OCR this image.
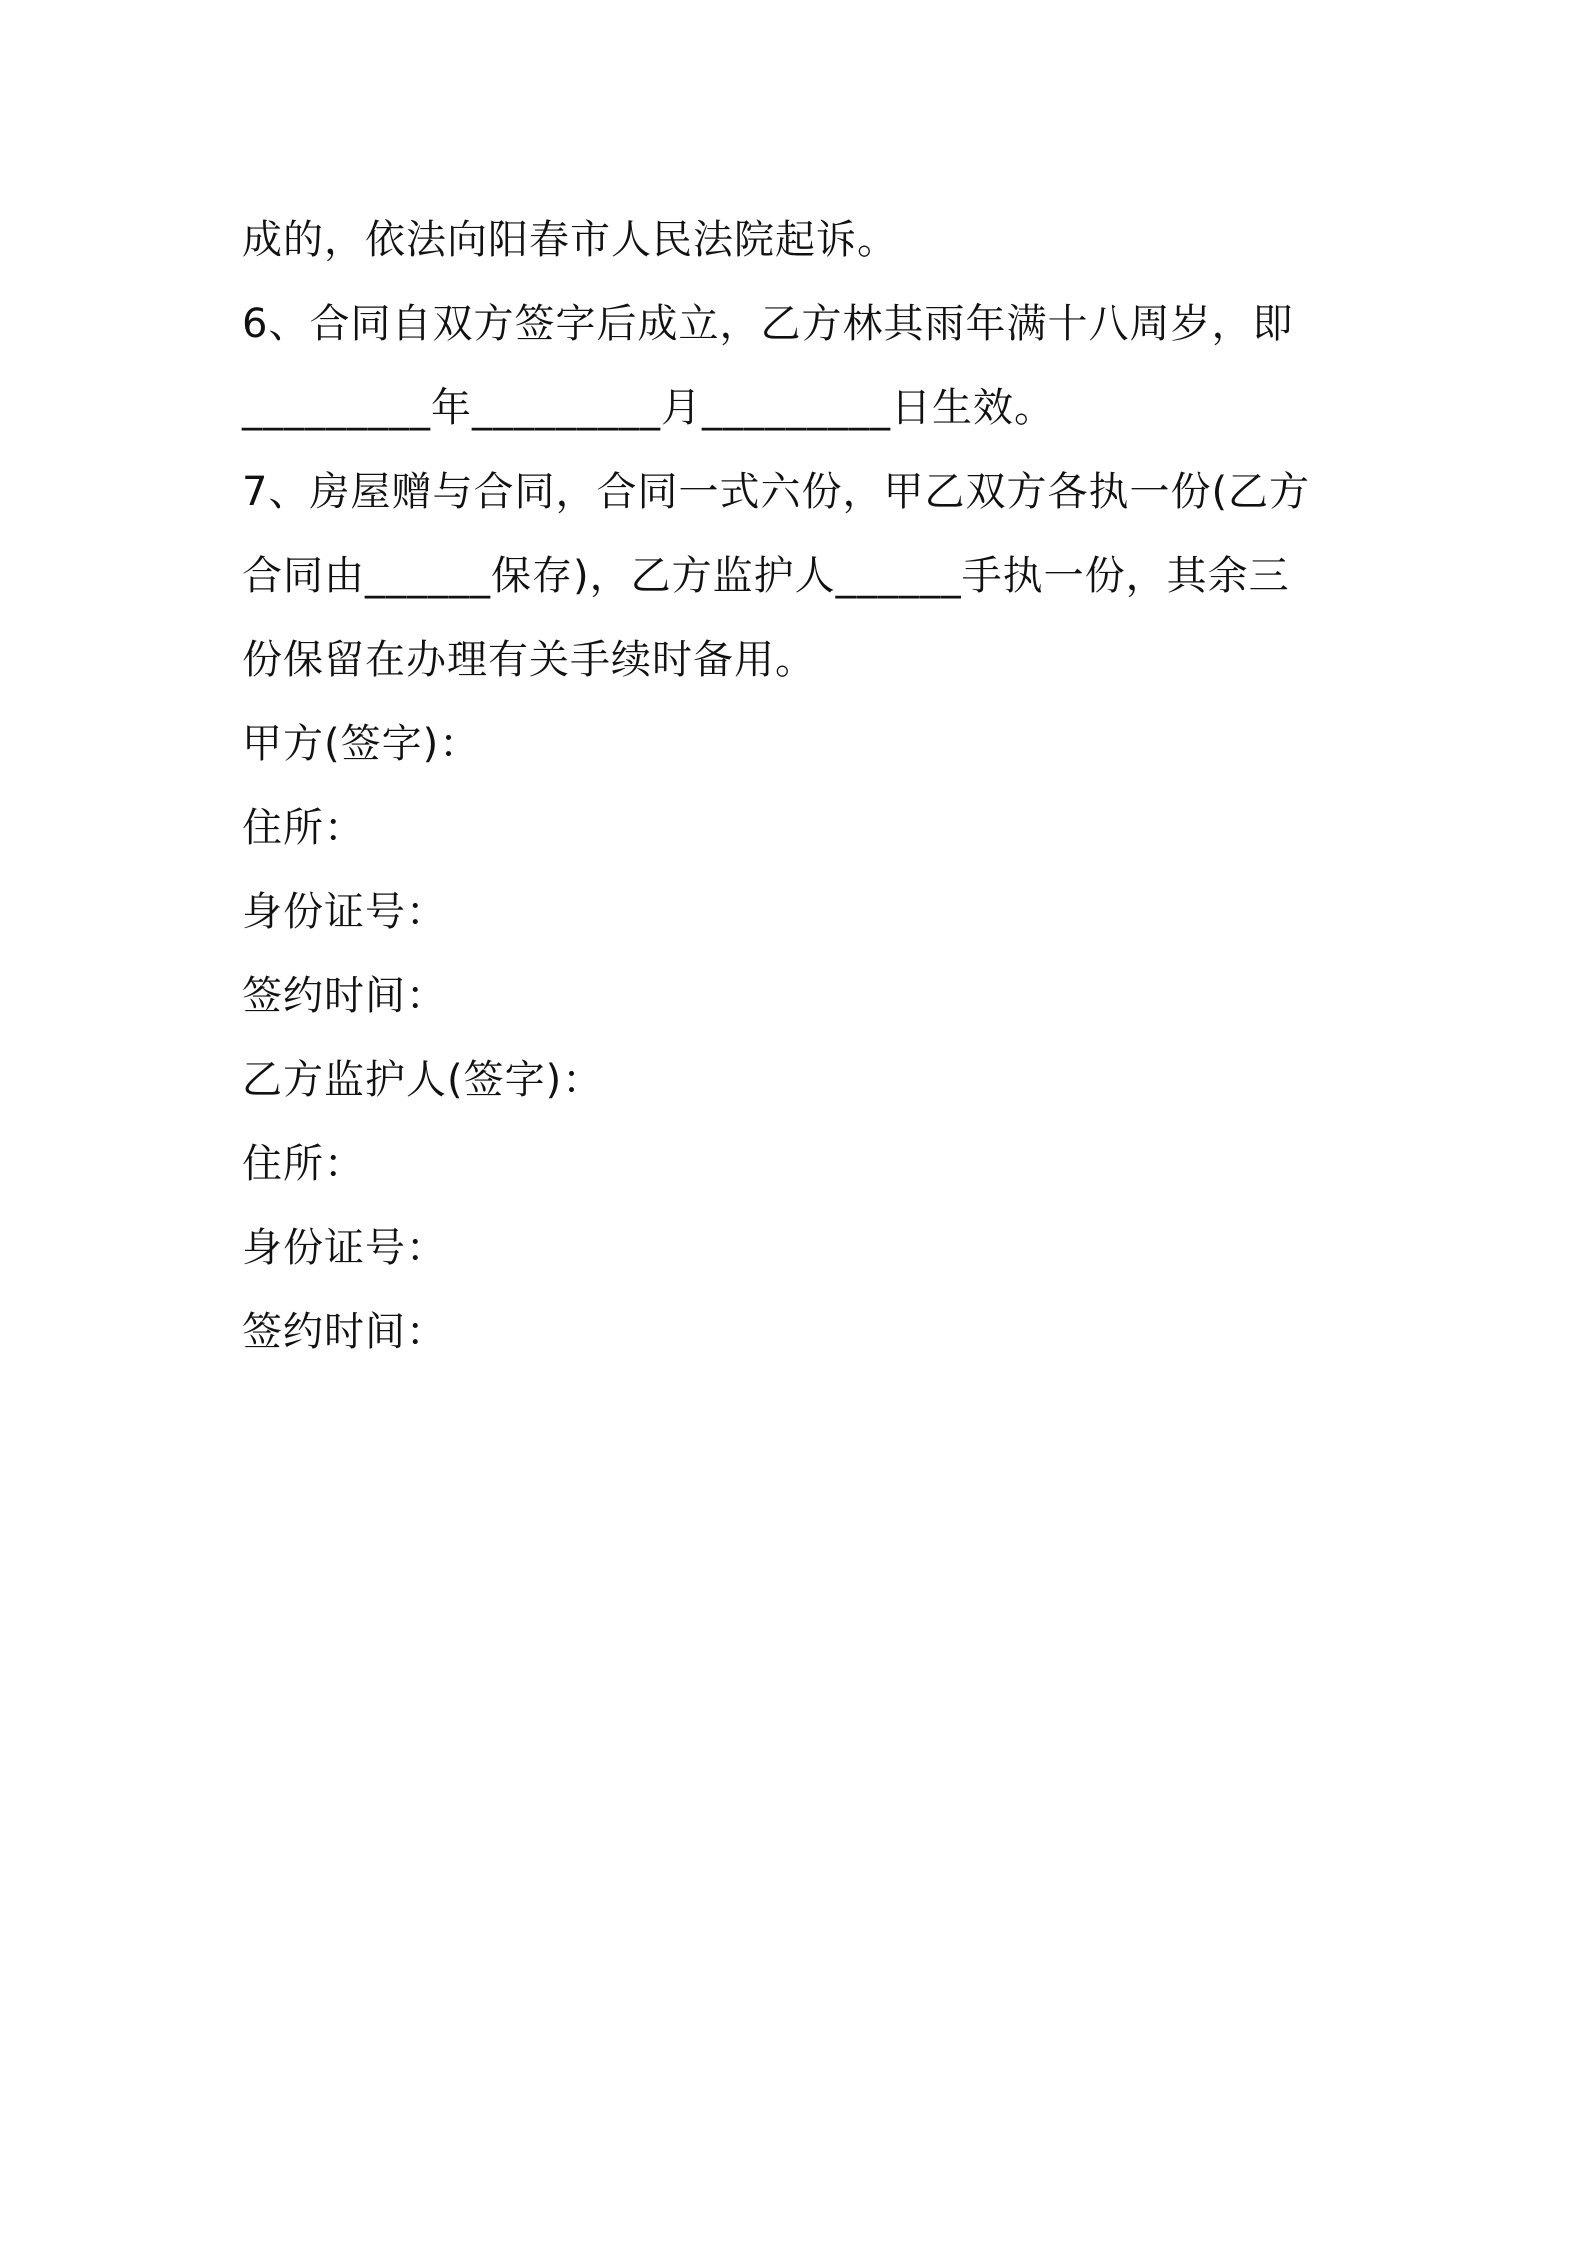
成的，依法向阳春市人民法院起诉。
6、合同自双方签字后成立，乙方林其雨年满十八周岁，即
_________年_________月_________日生效。
7、房屋赠与合同，合同一式六份，甲乙双方各执一份(乙方
合同由______保存)，乙方监护人______手执一份，其余三
份保留在办理有关手续时备用。
甲方(签字)：
住所：
身份证号：
签约时间：
乙方监护人(签字)：
住所：
身份证号：
签约时间：
